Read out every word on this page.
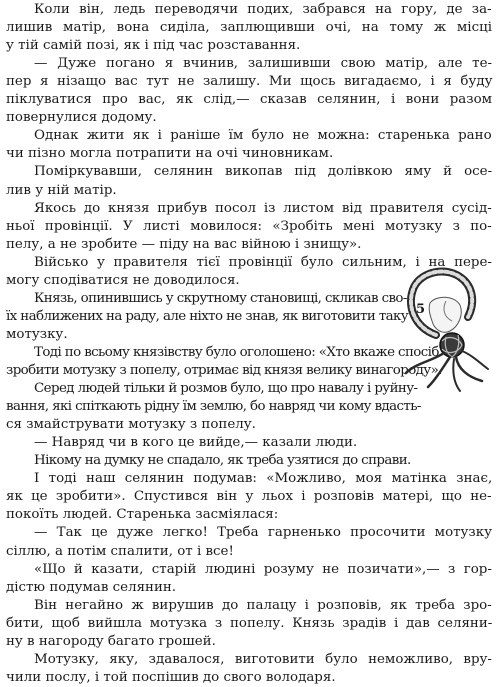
Коли він, ледь переводячи подих, забрався на гору, де за-
лишив матір, вона сиділа, заплющивши очі, на тому ж місці
у тій самій позі, як і під час розставання.
— Дуже погано я вчинив, залишивши свою матір, але те-
пер я нізащо вас тут не залишу. Ми щось вигадаємо, і я буду
піклуватися про вас, як слід,— сказав селянин, і вони разом
повернулися додому.
Однак жити як і раніше їм було не можна: старенька рано
чи пізно могла потрапити на очі чиновникам.
Поміркувавши, селянин викопав під долівкою яму й осе-
лив у ній матір.
Якось до князя прибув посол із листом від правителя сусід-
ньої провінції. У листі мовилося: «Зробіть мені мотузку з по-
пелу, а не зробите — піду на вас війною і знищу».
Військо у правителя тієї провінції було сильним, і на пере-
могу сподіватися не доводилося.
Князь, опинившись у скрутному становищі, скликав сво-
їх наближених на раду, але ніхто не знав, як виготовити таку
мотузку.
Тоді по всьому князівству було оголошено: «Хто вкаже спосіб
зробити мотузку з попелу, отримає від князя велику винагороду».
Серед людей тільки й розмов було, що про навалу і руйну-
вання, які спіткають рідну їм землю, бо навряд чи кому вдасть-
ся змайструвати мотузку з попелу.
— Навряд чи в кого це вийде,— казали люди.
Нікому на думку не спадало, як треба узятися до справи.
І тоді наш селянин подумав: «Можливо, моя матінка знає,
як це зробити». Спустився він у льох і розповів матері, що не-
покоїть людей. Старенька засміялася:
— Так це дуже легко! Треба гарненько просочити мотузку
сіллю, а потім спалити, от і все!
«Що й казати, старій людині розуму не позичати»,— з гор-
дістю подумав селянин.
Він негайно ж вирушив до палацу і розповів, як треба зро-
бити, щоб вийшла мотузка з попелу. Князь зрадів і дав селяни-
ну в нагороду багато грошей.
Мотузку, яку, здавалося, виготовити було неможливо, вру-
чили послу, і той поспішив до свого володаря.
5
